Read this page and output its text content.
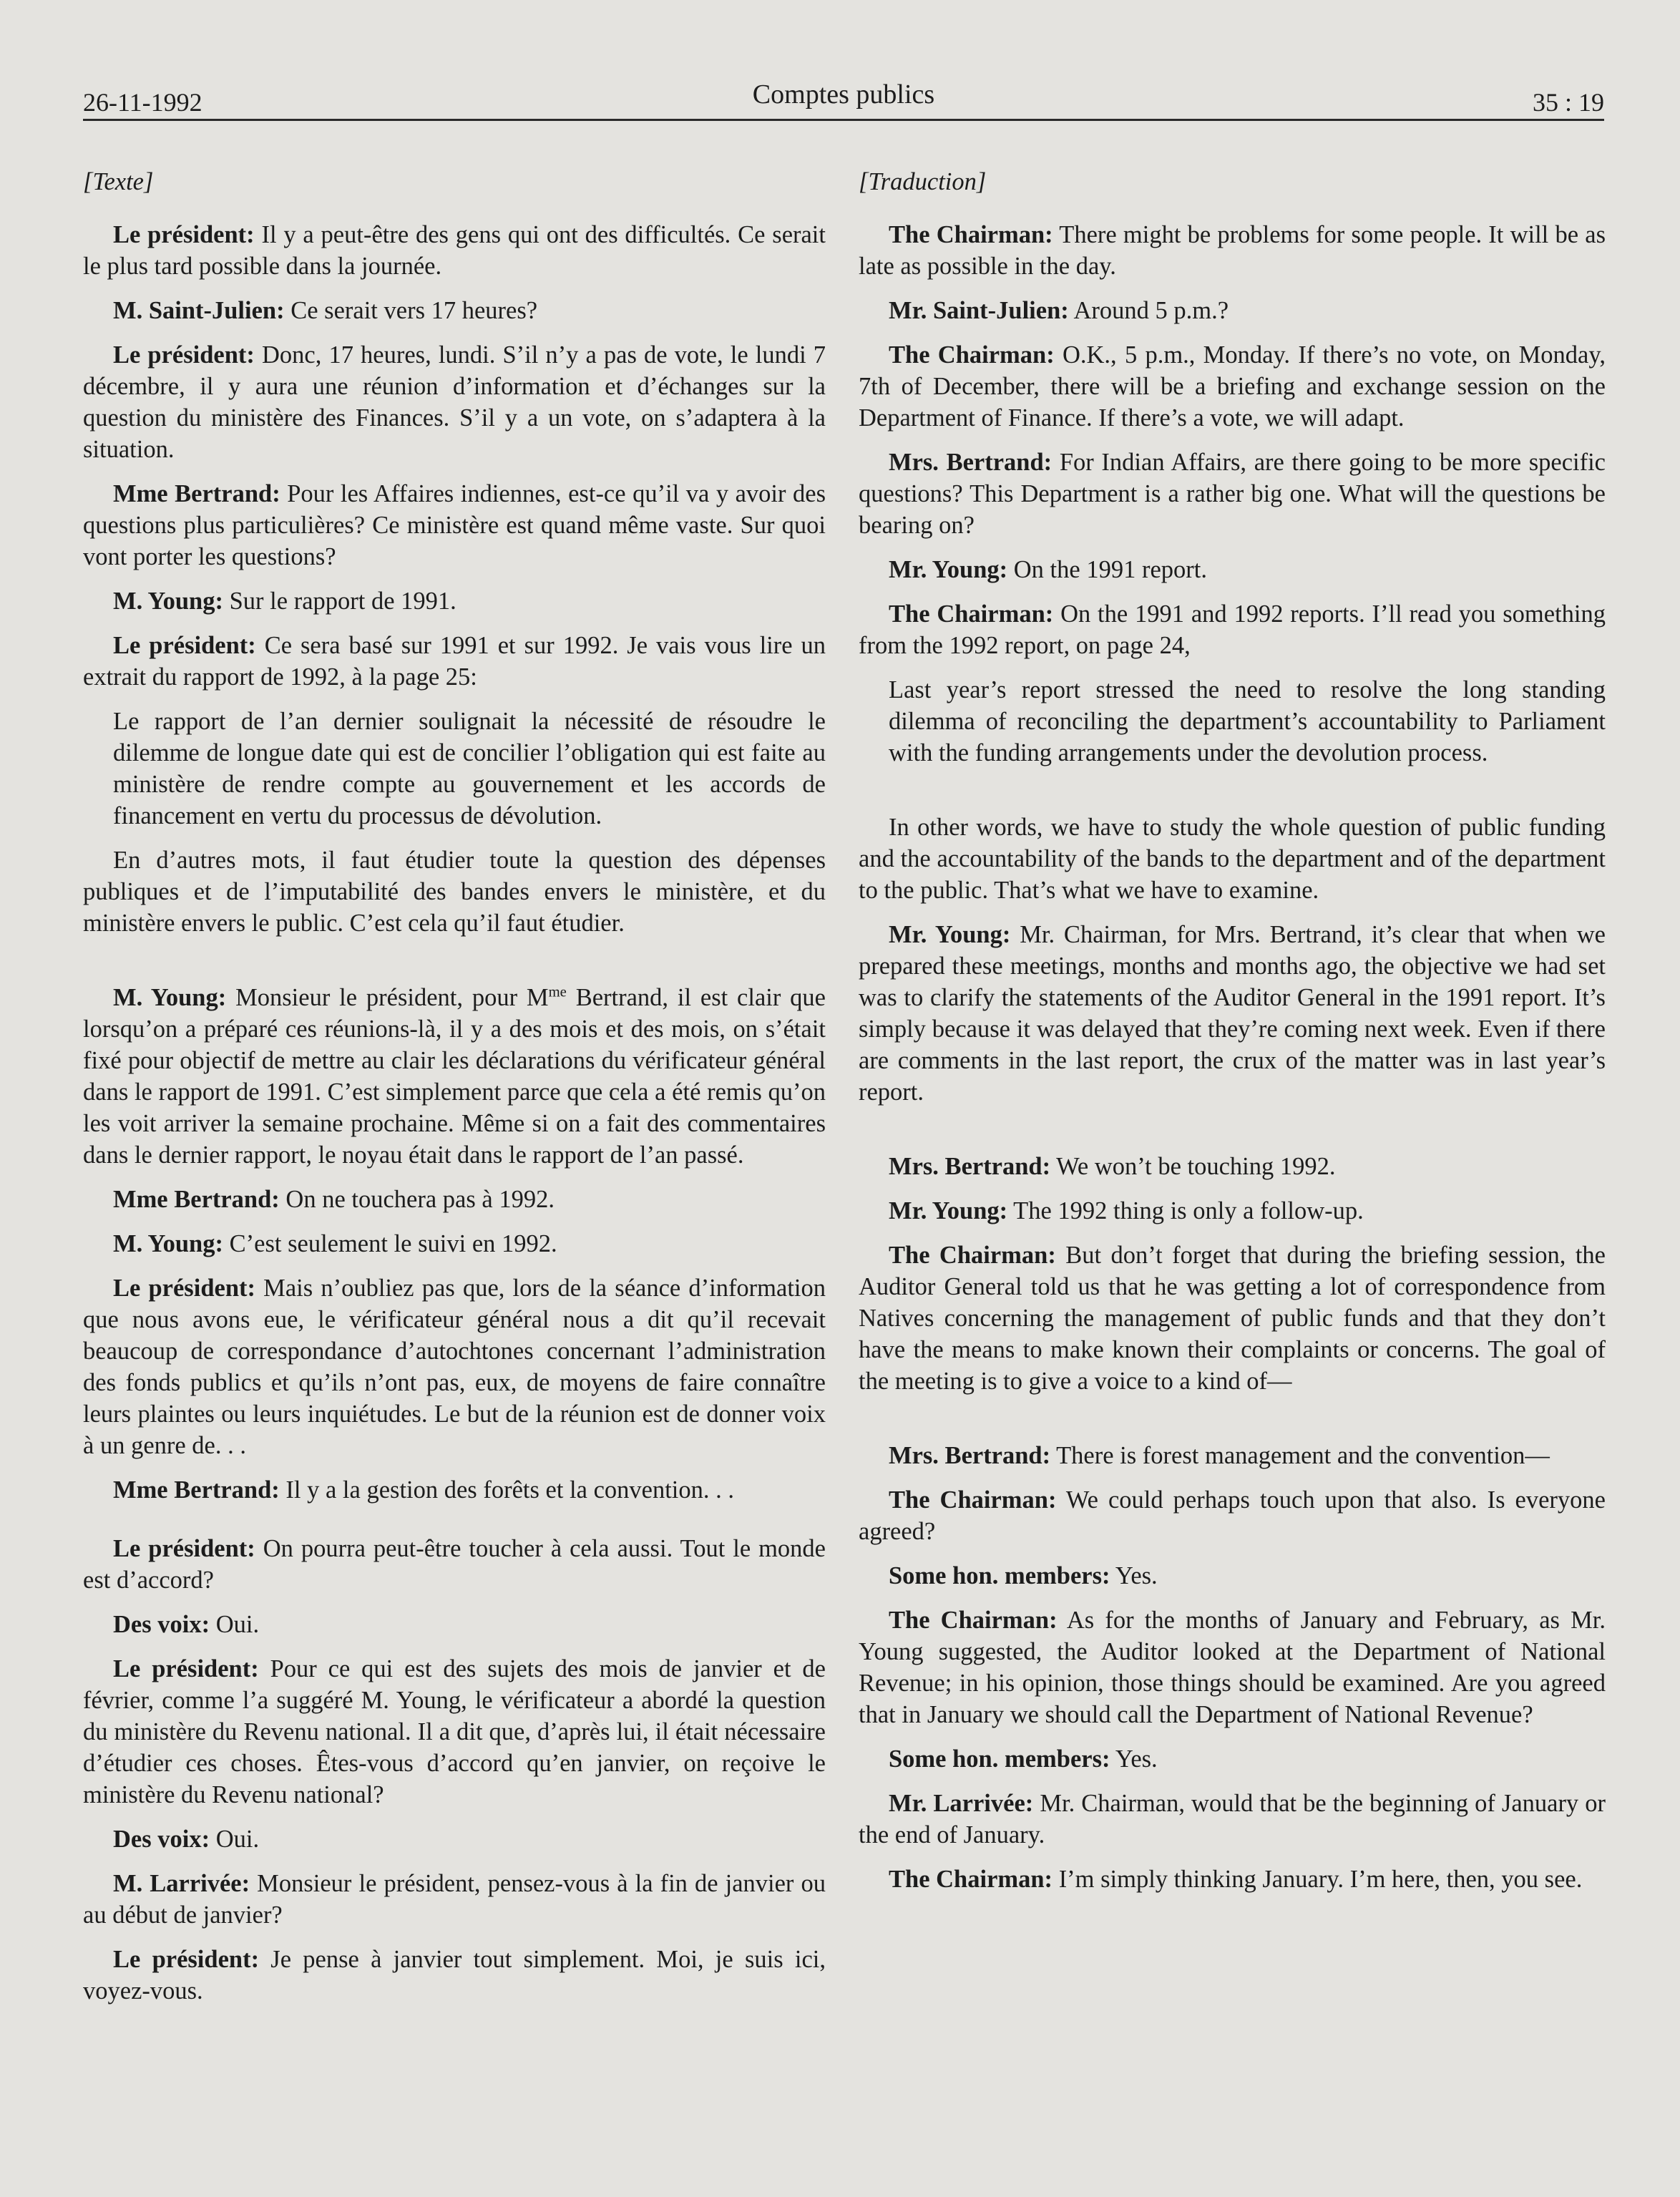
26-11-1992	Comptes publics	35 : 19

[Texte]

Le président: Il y a peut-être des gens qui ont des difficultés. Ce serait le plus tard possible dans la journée.

M. Saint-Julien: Ce serait vers 17 heures?

Le président: Donc, 17 heures, lundi. S’il n’y a pas de vote, le lundi 7 décembre, il y aura une réunion d’information et d’échanges sur la question du ministère des Finances. S’il y a un vote, on s’adaptera à la situation.

Mme Bertrand: Pour les Affaires indiennes, est-ce qu’il va y avoir des questions plus particulières? Ce ministère est quand même vaste. Sur quoi vont porter les questions?

M. Young: Sur le rapport de 1991.

Le président: Ce sera basé sur 1991 et sur 1992. Je vais vous lire un extrait du rapport de 1992, à la page 25:

Le rapport de l’an dernier soulignait la nécessité de résoudre le dilemme de longue date qui est de concilier l’obligation qui est faite au ministère de rendre compte au gouvernement et les accords de financement en vertu du processus de dévolution.

En d’autres mots, il faut étudier toute la question des dépenses publiques et de l’imputabilité des bandes envers le ministère, et du ministère envers le public. C’est cela qu’il faut étudier.

M. Young: Monsieur le président, pour $M^{me}$ Bertrand, il est clair que lorsqu’on a préparé ces réunions-là, il y a des mois et des mois, on s’était fixé pour objectif de mettre au clair les déclarations du vérificateur général dans le rapport de 1991. C’est simplement parce que cela a été remis qu’on les voit arriver la semaine prochaine. Même si on a fait des commentaires dans le dernier rapport, le noyau était dans le rapport de l’an passé.

Mme Bertrand: On ne touchera pas à 1992.

M. Young: C’est seulement le suivi en 1992.

Le président: Mais n’oubliez pas que, lors de la séance d’information que nous avons eue, le vérificateur général nous a dit qu’il recevait beaucoup de correspondance d’autochtones concernant l’administration des fonds publics et qu’ils n’ont pas, eux, de moyens de faire connaître leurs plaintes ou leurs inquiétudes. Le but de la réunion est de donner voix à un genre de. . .

Mme Bertrand: Il y a la gestion des forêts et la convention. . .

Le président: On pourra peut-être toucher à cela aussi. Tout le monde est d’accord?

Des voix: Oui.

Le président: Pour ce qui est des sujets des mois de janvier et de février, comme l’a suggéré M. Young, le vérificateur a abordé la question du ministère du Revenu national. Il a dit que, d’après lui, il était nécessaire d’étudier ces choses. Êtes-vous d’accord qu’en janvier, on reçoive le ministère du Revenu national?

Des voix: Oui.

M. Larrivée: Monsieur le président, pensez-vous à la fin de janvier ou au début de janvier?

Le président: Je pense à janvier tout simplement. Moi, je suis ici, voyez-vous.

[Traduction]

The Chairman: There might be problems for some people. It will be as late as possible in the day.

Mr. Saint-Julien: Around 5 p.m.?

The Chairman: O.K., 5 p.m., Monday. If there’s no vote, on Monday, 7th of December, there will be a briefing and exchange session on the Department of Finance. If there’s a vote, we will adapt.

Mrs. Bertrand: For Indian Affairs, are there going to be more specific questions? This Department is a rather big one. What will the questions be bearing on?

Mr. Young: On the 1991 report.

The Chairman: On the 1991 and 1992 reports. I’ll read you something from the 1992 report, on page 24,

Last year’s report stressed the need to resolve the long standing dilemma of reconciling the department’s accountability to Parliament with the funding arrangements under the devolution process.

In other words, we have to study the whole question of public funding and the accountability of the bands to the department and of the department to the public. That’s what we have to examine.

Mr. Young: Mr. Chairman, for Mrs. Bertrand, it’s clear that when we prepared these meetings, months and months ago, the objective we had set was to clarify the statements of the Auditor General in the 1991 report. It’s simply because it was delayed that they’re coming next week. Even if there are comments in the last report, the crux of the matter was in last year’s report.

Mrs. Bertrand: We won’t be touching 1992.

Mr. Young: The 1992 thing is only a follow-up.

The Chairman: But don’t forget that during the briefing session, the Auditor General told us that he was getting a lot of correspondence from Natives concerning the management of public funds and that they don’t have the means to make known their complaints or concerns. The goal of the meeting is to give a voice to a kind of—

Mrs. Bertrand: There is forest management and the convention—

The Chairman: We could perhaps touch upon that also. Is everyone agreed?

Some hon. members: Yes.

The Chairman: As for the months of January and February, as Mr. Young suggested, the Auditor looked at the Department of National Revenue; in his opinion, those things should be examined. Are you agreed that in January we should call the Department of National Revenue?

Some hon. members: Yes.

Mr. Larrivée: Mr. Chairman, would that be the beginning of January or the end of January.

The Chairman: I’m simply thinking January. I’m here, then, you see.
